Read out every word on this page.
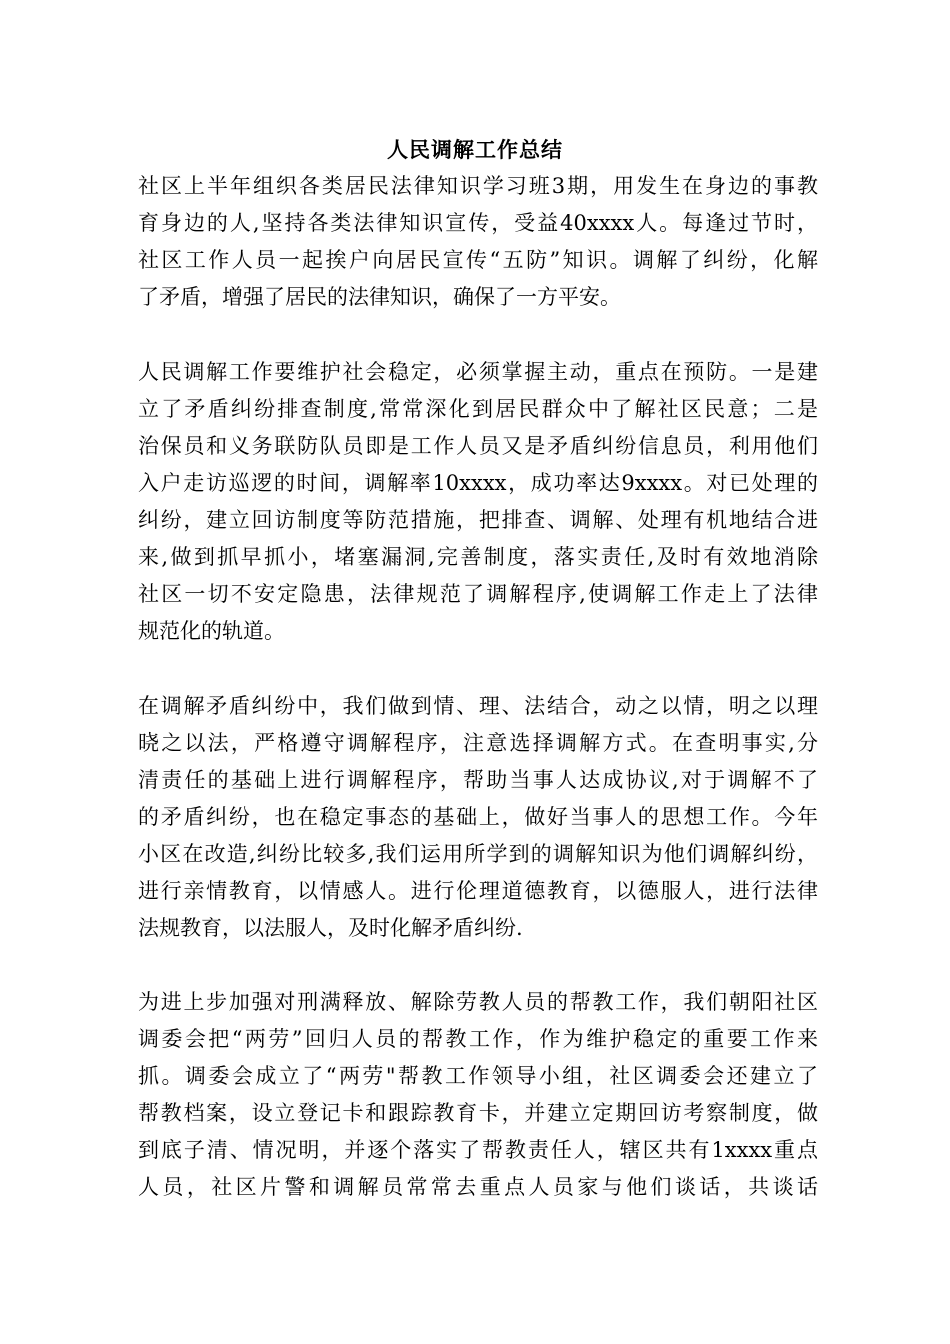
人民调解工作总结
社区上半年组织各类居民法律知识学习班3期，用发生在身边的事教
育身边的人,坚持各类法律知识宣传，受益40xxxx人。每逢过节时，
社区工作人员一起挨户向居民宣传“五防”知识。调解了纠纷，化解
了矛盾，增强了居民的法律知识，确保了一方平安。
人民调解工作要维护社会稳定，必须掌握主动，重点在预防。一是建
立了矛盾纠纷排查制度,常常深化到居民群众中了解社区民意；二是
治保员和义务联防队员即是工作人员又是矛盾纠纷信息员，利用他们
入户走访巡逻的时间，调解率10xxxx，成功率达9xxxx。对已处理的
纠纷，建立回访制度等防范措施，把排查、调解、处理有机地结合进
来,做到抓早抓小，堵塞漏洞,完善制度，落实责任,及时有效地消除
社区一切不安定隐患，法律规范了调解程序,使调解工作走上了法律
规范化的轨道。
在调解矛盾纠纷中，我们做到情、理、法结合，动之以情，明之以理
晓之以法，严格遵守调解程序，注意选择调解方式。在查明事实,分
清责任的基础上进行调解程序，帮助当事人达成协议,对于调解不了
的矛盾纠纷，也在稳定事态的基础上，做好当事人的思想工作。今年
小区在改造,纠纷比较多,我们运用所学到的调解知识为他们调解纠纷，
进行亲情教育，以情感人。进行伦理道德教育，以德服人，进行法律
法规教育，以法服人，及时化解矛盾纠纷.
为进上步加强对刑满释放、解除劳教人员的帮教工作，我们朝阳社区
调委会把“两劳”回归人员的帮教工作，作为维护稳定的重要工作来
抓。调委会成立了“两劳"帮教工作领导小组，社区调委会还建立了
帮教档案，设立登记卡和跟踪教育卡，并建立定期回访考察制度，做
到底子清、情况明，并逐个落实了帮教责任人，辖区共有1xxxx重点
人员，社区片警和调解员常常去重点人员家与他们谈话，共谈话
